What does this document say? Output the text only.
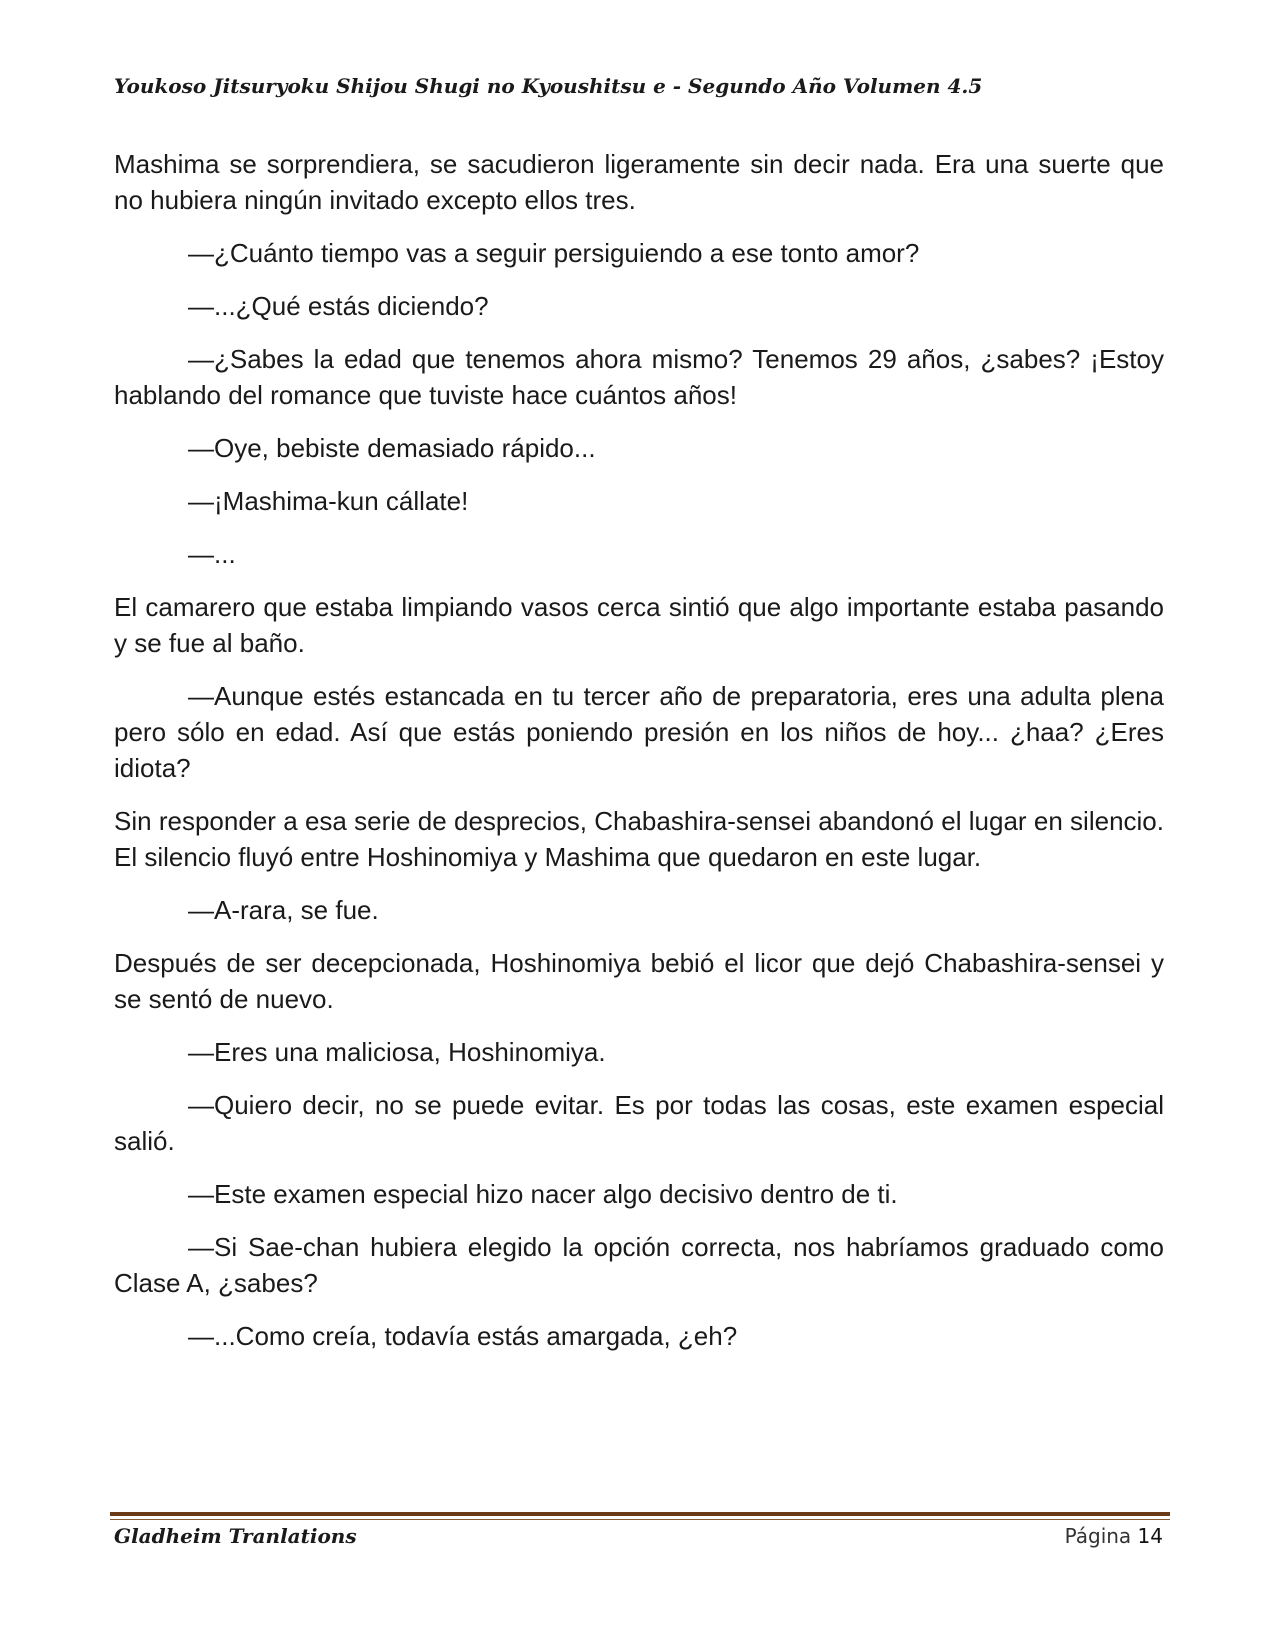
Youkoso Jitsuryoku Shijou Shugi no Kyoushitsu e - Segundo Año Volumen 4.5

Mashima se sorprendiera, se sacudieron ligeramente sin decir nada. Era una suerte que no hubiera ningún invitado excepto ellos tres.

—¿Cuánto tiempo vas a seguir persiguiendo a ese tonto amor?

—...¿Qué estás diciendo?

—¿Sabes la edad que tenemos ahora mismo? Tenemos 29 años, ¿sabes? ¡Estoy hablando del romance que tuviste hace cuántos años!

—Oye, bebiste demasiado rápido...

—¡Mashima-kun cállate!

—...

El camarero que estaba limpiando vasos cerca sintió que algo importante estaba pasando y se fue al baño.

—Aunque estés estancada en tu tercer año de preparatoria, eres una adulta plena pero sólo en edad. Así que estás poniendo presión en los niños de hoy... ¿haa? ¿Eres idiota?

Sin responder a esa serie de desprecios, Chabashira-sensei abandonó el lugar en silencio. El silencio fluyó entre Hoshinomiya y Mashima que quedaron en este lugar.

—A-rara, se fue.

Después de ser decepcionada, Hoshinomiya bebió el licor que dejó Chabashira-sensei y se sentó de nuevo.

—Eres una maliciosa, Hoshinomiya.

—Quiero decir, no se puede evitar. Es por todas las cosas, este examen especial salió.

—Este examen especial hizo nacer algo decisivo dentro de ti.

—Si Sae-chan hubiera elegido la opción correcta, nos habríamos graduado como Clase A, ¿sabes?

—...Como creía, todavía estás amargada, ¿eh?

Gladheim Tranlations	Página 14
